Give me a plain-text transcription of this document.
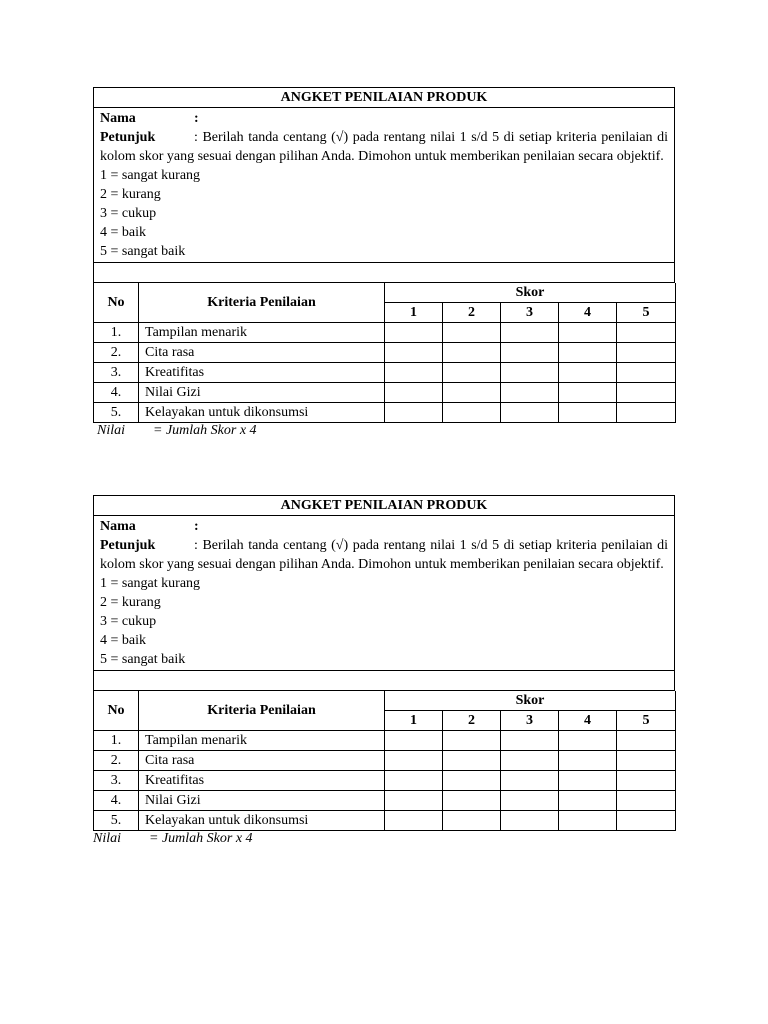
ANGKET PENILAIAN PRODUK

Nama	:
Petunjuk	: Berilah tanda centang (√) pada rentang nilai 1 s/d 5 di setiap kriteria penilaian di kolom skor yang sesuai dengan pilihan Anda. Dimohon untuk memberikan penilaian secara objektif.
1 = sangat kurang
2 = kurang
3 = cukup
4 = baik
5 = sangat baik

No	Kriteria Penilaian	Skor				
		1	2	3	4	5
1.	Tampilan menarik					
2.	Cita rasa					
3.	Kreatifitas					
4.	Nilai Gizi					
5.	Kelayakan untuk dikonsumsi					
Nilai = Jumlah Skor x 4
ANGKET PENILAIAN PRODUK

Nama	:
Petunjuk	: Berilah tanda centang (√) pada rentang nilai 1 s/d 5 di setiap kriteria penilaian di kolom skor yang sesuai dengan pilihan Anda. Dimohon untuk memberikan penilaian secara objektif.
1 = sangat kurang
2 = kurang
3 = cukup
4 = baik
5 = sangat baik

No	Kriteria Penilaian	Skor				
		1	2	3	4	5
1.	Tampilan menarik					
2.	Cita rasa					
3.	Kreatifitas					
4.	Nilai Gizi					
5.	Kelayakan untuk dikonsumsi					
Nilai = Jumlah Skor x 4
